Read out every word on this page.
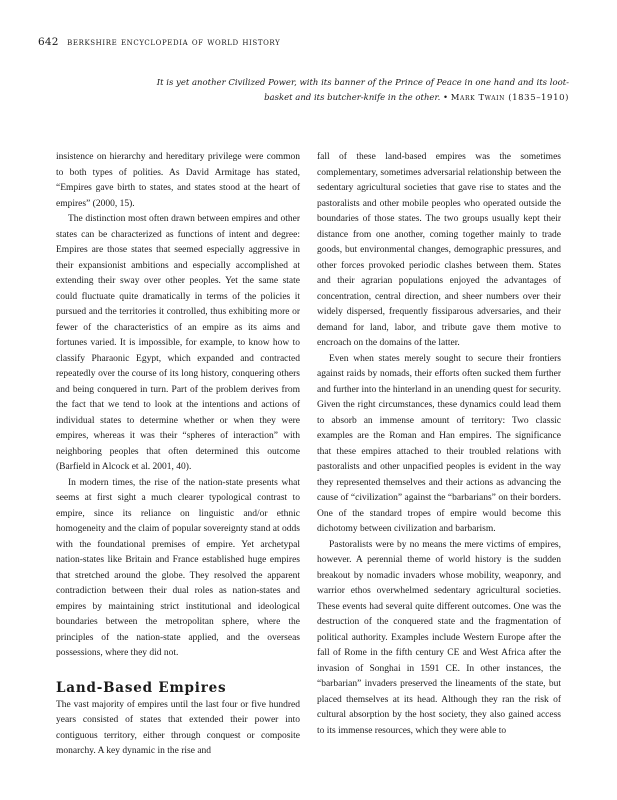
642 berkshire encyclopedia of world history
It is yet another Civilized Power, with its banner of the Prince of Peace in one hand and its loot-basket and its butcher-knife in the other. • Mark Twain (1835–1910)

insistence on hierarchy and hereditary privilege were common to both types of polities. As David Armitage has stated, “Empires gave birth to states, and states stood at the heart of empires” (2000, 15).

The distinction most often drawn between empires and other states can be characterized as functions of intent and degree: Empires are those states that seemed especially aggressive in their expansionist ambitions and especially accomplished at extending their sway over other peoples. Yet the same state could fluctuate quite dramatically in terms of the policies it pursued and the territories it controlled, thus exhibiting more or fewer of the characteristics of an empire as its aims and fortunes varied. It is impossible, for example, to know how to classify Pharaonic Egypt, which expanded and contracted repeatedly over the course of its long history, conquering others and being conquered in turn. Part of the problem derives from the fact that we tend to look at the intentions and actions of individual states to determine whether or when they were empires, whereas it was their “spheres of interaction” with neighboring peoples that often determined this outcome (Barfield in Alcock et al. 2001, 40).

In modern times, the rise of the nation-state presents what seems at first sight a much clearer typological contrast to empire, since its reliance on linguistic and/or ethnic homogeneity and the claim of popular sovereignty stand at odds with the foundational premises of empire. Yet archetypal nation-states like Britain and France established huge empires that stretched around the globe. They resolved the apparent contradiction between their dual roles as nation-states and empires by maintaining strict institutional and ideological boundaries between the metropolitan sphere, where the principles of the nation-state applied, and the overseas possessions, where they did not.

Land-Based Empires

The vast majority of empires until the last four or five hundred years consisted of states that extended their power into contiguous territory, either through conquest or composite monarchy. A key dynamic in the rise and

fall of these land-based empires was the sometimes complementary, sometimes adversarial relationship between the sedentary agricultural societies that gave rise to states and the pastoralists and other mobile peoples who operated outside the boundaries of those states. The two groups usually kept their distance from one another, coming together mainly to trade goods, but environmental changes, demographic pressures, and other forces provoked periodic clashes between them. States and their agrarian populations enjoyed the advantages of concentration, central direction, and sheer numbers over their widely dispersed, frequently fissiparous adversaries, and their demand for land, labor, and tribute gave them motive to encroach on the domains of the latter.

Even when states merely sought to secure their frontiers against raids by nomads, their efforts often sucked them further and further into the hinterland in an unending quest for security. Given the right circumstances, these dynamics could lead them to absorb an immense amount of territory: Two classic examples are the Roman and Han empires. The significance that these empires attached to their troubled relations with pastoralists and other unpacified peoples is evident in the way they represented themselves and their actions as advancing the cause of “civilization” against the “barbarians” on their borders. One of the standard tropes of empire would become this dichotomy between civilization and barbarism.

Pastoralists were by no means the mere victims of empires, however. A perennial theme of world history is the sudden breakout by nomadic invaders whose mobility, weaponry, and warrior ethos overwhelmed sedentary agricultural societies. These events had several quite different outcomes. One was the destruction of the conquered state and the fragmentation of political authority. Examples include Western Europe after the fall of Rome in the fifth century CE and West Africa after the invasion of Songhai in 1591 CE. In other instances, the “barbarian” invaders preserved the lineaments of the state, but placed themselves at its head. Although they ran the risk of cultural absorption by the host society, they also gained access to its immense resources, which they were able to
